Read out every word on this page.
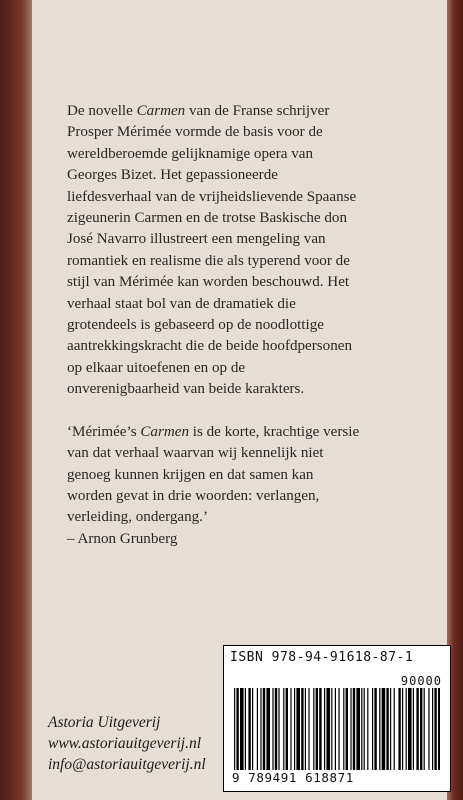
De novelle Carmen van de Franse schrijver
Prosper Mérimée vormde de basis voor de
wereldberoemde gelijknamige opera van
Georges Bizet. Het gepassioneerde
liefdesverhaal van de vrijheidslievende Spaanse
zigeunerin Carmen en de trotse Baskische don
José Navarro illustreert een mengeling van
romantiek en realisme die als typerend voor de
stijl van Mérimée kan worden beschouwd. Het
verhaal staat bol van de dramatiek die
grotendeels is gebaseerd op de noodlottige
aantrekkingskracht die de beide hoofdpersonen
op elkaar uitoefenen en op de
onverenigbaarheid van beide karakters.

‘Mérimée’s Carmen is de korte, krachtige versie
van dat verhaal waarvan wij kennelijk niet
genoeg kunnen krijgen en dat samen kan
worden gevat in drie woorden: verlangen,
verleiding, ondergang.’
– Arnon Grunberg

ISBN 978-94-91618-87-1
90000
9 789491 618871
Astoria Uitgeverij
www.astoriauitgeverij.nl
info@astoriauitgeverij.nl
